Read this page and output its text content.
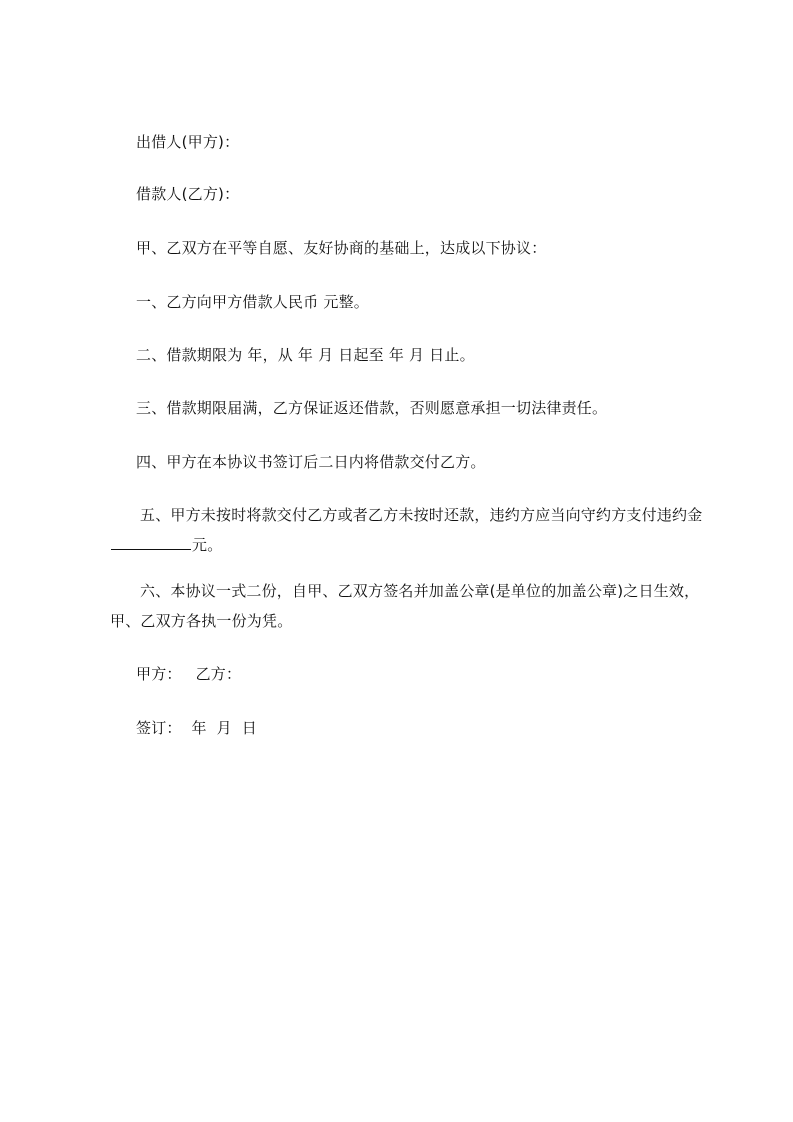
出借人(甲方)：
借款人(乙方)：
甲、乙双方在平等自愿、友好协商的基础上，达成以下协议：
一、乙方向甲方借款人民币 元整。
二、借款期限为 年，从 年 月 日起至 年 月 日止。
三、借款期限届满，乙方保证返还借款，否则愿意承担一切法律责任。
四、甲方在本协议书签订后二日内将借款交付乙方。
五、甲方未按时将款交付乙方或者乙方未按时还款，违约方应当向守约方支付违约金元。
六、本协议一式二份，自甲、乙双方签名并加盖公章(是单位的加盖公章)之日生效，甲、乙双方各执一份为凭。
甲方： 乙方：
签订：  年  月  日
